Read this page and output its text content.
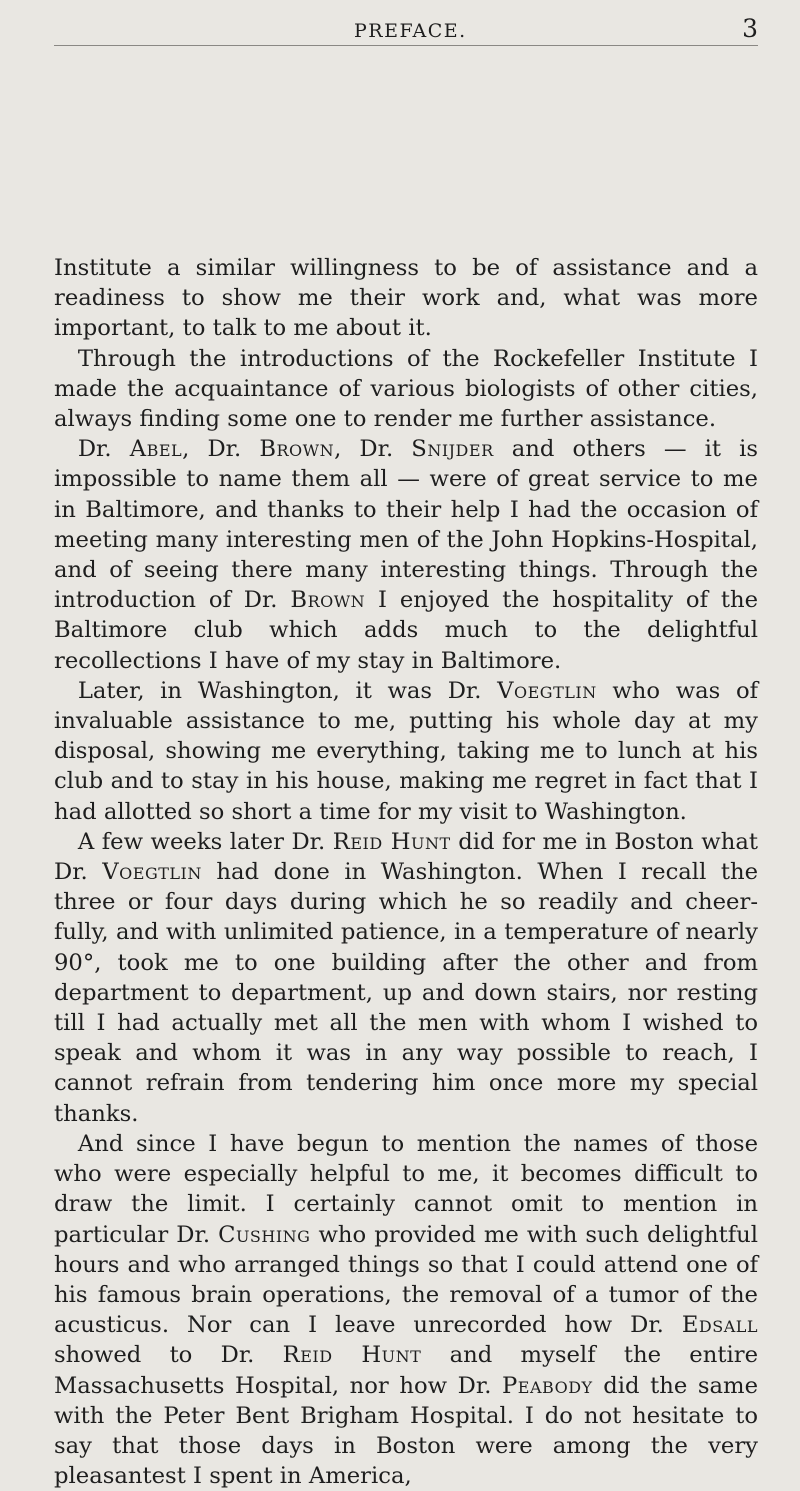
PREFACE.	3

Institute a similar willingness to be of assistance and a readiness to show me their work and, what was more important, to talk to me about it.

Through the introductions of the Rockefeller Institute I made the acquaintance of various biologists of other cities, always finding some one to render me further assistance.

Dr. Abel, Dr. Brown, Dr. Snijder and others — it is impossible to name them all — were of great service to me in Baltimore, and thanks to their help I had the occasion of meeting many interesting men of the John Hopkins-Hospital, and of seeing there many interesting things. Through the introduction of Dr. Brown I enjoyed the hospitality of the Baltimore club which adds much to the delightful recollections I have of my stay in Baltimore.

Later, in Washington, it was Dr. Voegtlin who was of invaluable assistance to me, putting his whole day at my disposal, showing me everything, taking me to lunch at his club and to stay in his house, making me regret in fact that I had allotted so short a time for my visit to Washington.

A few weeks later Dr. Reid Hunt did for me in Boston what Dr. Voegtlin had done in Washington. When I recall the three or four days during which he so readily and cheer- fully, and with unlimited patience, in a temperature of nearly 90°, took me to one building after the other and from department to department, up and down stairs, nor resting till I had actually met all the men with whom I wished to speak and whom it was in any way possible to reach, I cannot refrain from tendering him once more my special thanks.

And since I have begun to mention the names of those who were especially helpful to me, it becomes difficult to draw the limit. I certainly cannot omit to mention in particular Dr. Cushing who provided me with such delightful hours and who arranged things so that I could attend one of his famous brain operations, the removal of a tumor of the acusticus. Nor can I leave unrecorded how Dr. Edsall showed to Dr. Reid Hunt and myself the entire Massachusetts Hospital, nor how Dr. Peabody did the same with the Peter Bent Brigham Hospital. I do not hesitate to say that those days in Boston were among the very pleasantest I spent in America,
